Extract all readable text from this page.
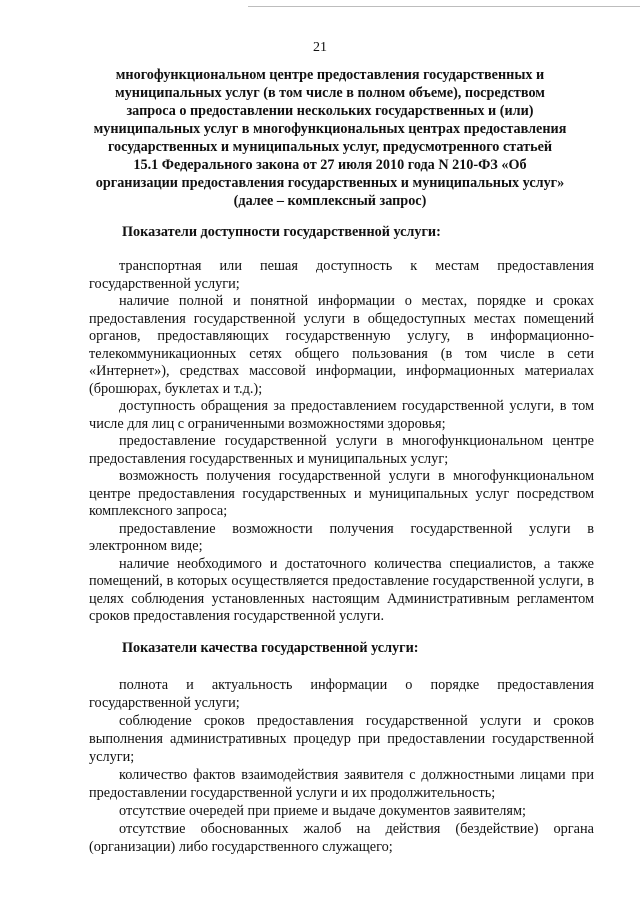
21
многофункциональном центре предоставления государственных и
муниципальных услуг (в том числе в полном объеме), посредством
запроса о предоставлении нескольких государственных и (или)
муниципальных услуг в многофункциональных центрах предоставления
государственных и муниципальных услуг, предусмотренного статьей
15.1 Федерального закона от 27 июля 2010 года N 210-ФЗ «Об
организации предоставления государственных и муниципальных услуг»
(далее – комплексный запрос)
Показатели доступности государственной услуги:

транспортная или пешая доступность к местам предоставления государственной услуги;

наличие полной и понятной информации о местах, порядке и сроках предоставления государственной услуги в общедоступных местах помещений органов, предоставляющих государственную услугу, в информационно-телекоммуникационных сетях общего пользования (в том числе в сети «Интернет»), средствах массовой информации, информационных материалах (брошюрах, буклетах и т.д.);

доступность обращения за предоставлением государственной услуги, в том числе для лиц с ограниченными возможностями здоровья;

предоставление государственной услуги в многофункциональном центре предоставления государственных и муниципальных услуг;

возможность получения государственной услуги в многофункциональном центре предоставления государственных и муниципальных услуг посредством комплексного запроса;

предоставление возможности получения государственной услуги в электронном виде;

наличие необходимого и достаточного количества специалистов, а также помещений, в которых осуществляется предоставление государственной услуги, в целях соблюдения установленных настоящим Административным регламентом сроков предоставления государственной услуги.

Показатели качества государственной услуги:

полнота и актуальность информации о порядке предоставления государственной услуги;

соблюдение сроков предоставления государственной услуги и сроков выполнения административных процедур при предоставлении государственной услуги;

количество фактов взаимодействия заявителя с должностными лицами при предоставлении государственной услуги и их продолжительность;

отсутствие очередей при приеме и выдаче документов заявителям;

отсутствие обоснованных жалоб на действия (бездействие) органа (организации) либо государственного служащего;
